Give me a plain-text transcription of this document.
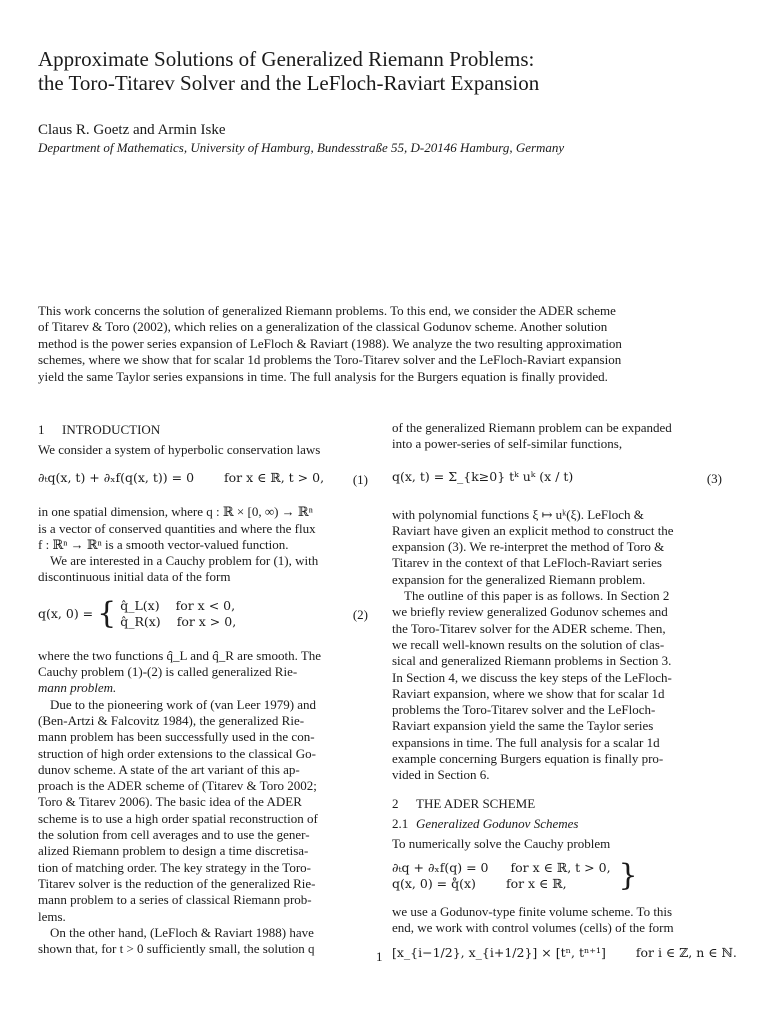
Approximate Solutions of Generalized Riemann Problems:
the Toro-Titarev Solver and the LeFloch-Raviart Expansion
Claus R. Goetz and Armin Iske
Department of Mathematics, University of Hamburg, Bundesstraße 55, D-20146 Hamburg, Germany
This work concerns the solution of generalized Riemann problems. To this end, we consider the ADER scheme
of Titarev & Toro (2002), which relies on a generalization of the classical Godunov scheme. Another solution
method is the power series expansion of LeFloch & Raviart (1988). We analyze the two resulting approximation
schemes, where we show that for scalar 1d problems the Toro-Titarev solver and the LeFloch-Raviart expansion
yield the same Taylor series expansions in time. The full analysis for the Burgers equation is finally provided.
1 INTRODUCTION
We consider a system of hyperbolic conservation laws
∂ₜq(x, t) + ∂ₓf(q(x, t)) = 0 for x ∈ ℝ, t > 0, (1)
in one spatial dimension, where q : ℝ × [0, ∞) → ℝⁿ
is a vector of conserved quantities and where the flux
f : ℝⁿ → ℝⁿ is a smooth vector-valued function.
We are interested in a Cauchy problem for (1), with
discontinuous initial data of the form
q(x, 0) = { q̂_L(x) for x < 0,
q̂_R(x) for x > 0,	(2)
where the two functions q̂_L and q̂_R are smooth. The
Cauchy problem (1)-(2) is called generalized Rie-
mann problem.
Due to the pioneering work of (van Leer 1979) and
(Ben-Artzi & Falcovitz 1984), the generalized Rie-
mann problem has been successfully used in the con-
struction of high order extensions to the classical Go-
dunov scheme. A state of the art variant of this ap-
proach is the ADER scheme of (Titarev & Toro 2002;
Toro & Titarev 2006). The basic idea of the ADER
scheme is to use a high order spatial reconstruction of
the solution from cell averages and to use the gener-
alized Riemann problem to design a time discretisa-
tion of matching order. The key strategy in the Toro-
Titarev solver is the reduction of the generalized Rie-
mann problem to a series of classical Riemann prob-
lems.
On the other hand, (LeFloch & Raviart 1988) have
shown that, for t > 0 sufficiently small, the solution q
of the generalized Riemann problem can be expanded
into a power-series of self-similar functions,
q(x, t) = Σ_{k≥0} tᵏ uᵏ (x / t)	(3)
with polynomial functions ξ ↦ uᵏ(ξ). LeFloch &
Raviart have given an explicit method to construct the
expansion (3). We re-interpret the method of Toro &
Titarev in the context of that LeFloch-Raviart series
expansion for the generalized Riemann problem.
The outline of this paper is as follows. In Section 2
we briefly review generalized Godunov schemes and
the Toro-Titarev solver for the ADER scheme. Then,
we recall well-known results on the solution of clas-
sical and generalized Riemann problems in Section 3.
In Section 4, we discuss the key steps of the LeFloch-
Raviart expansion, where we show that for scalar 1d
problems the Toro-Titarev solver and the LeFloch-
Raviart expansion yield the same the Taylor series
expansions in time. The full analysis for a scalar 1d
example concerning Burgers equation is finally pro-
vided in Section 6.
2 THE ADER SCHEME
2.1 Generalized Godunov Schemes
To numerically solve the Cauchy problem
∂ₜq + ∂ₓf(q) = 0 for x ∈ ℝ, t > 0,
q(x, 0) = q̊(x) for x ∈ ℝ,	}
we use a Godunov-type finite volume scheme. To this
end, we work with control volumes (cells) of the form
[x_{i−1/2}, x_{i+1/2}] × [tⁿ, tⁿ⁺¹] for i ∈ ℤ, n ∈ ℕ.
1
